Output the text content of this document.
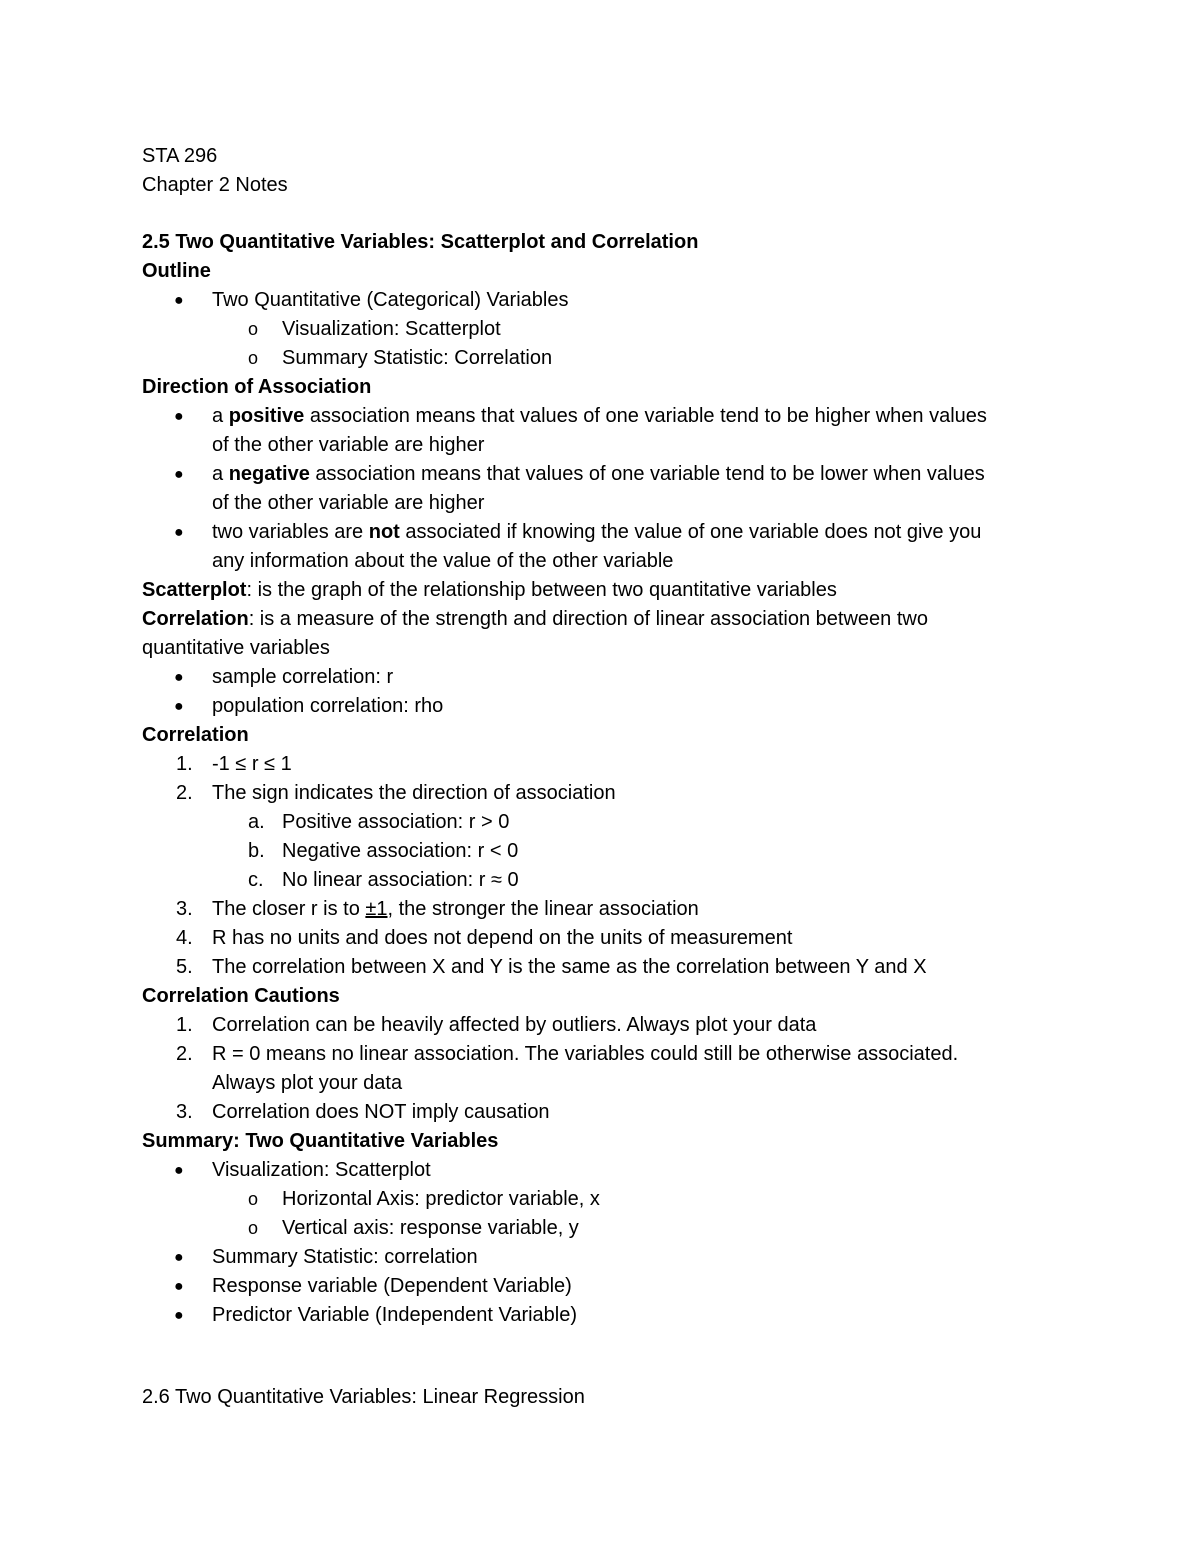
STA 296
Chapter 2 Notes
2.5 Two Quantitative Variables: Scatterplot and Correlation
Outline
● Two Quantitative (Categorical) Variables
o Visualization: Scatterplot
o Summary Statistic: Correlation
Direction of Association
● a positive association means that values of one variable tend to be higher when values
of the other variable are higher
● a negative association means that values of one variable tend to be lower when values
of the other variable are higher
● two variables are not associated if knowing the value of one variable does not give you
any information about the value of the other variable
Scatterplot: is the graph of the relationship between two quantitative variables
Correlation: is a measure of the strength and direction of linear association between two
quantitative variables
● sample correlation: r
● population correlation: rho
Correlation
1. -1 ≤ r ≤ 1
2. The sign indicates the direction of association
a. Positive association: r > 0
b. Negative association: r < 0
c. No linear association: r ≈ 0
3. The closer r is to ±1, the stronger the linear association
4. R has no units and does not depend on the units of measurement
5. The correlation between X and Y is the same as the correlation between Y and X
Correlation Cautions
1. Correlation can be heavily affected by outliers. Always plot your data
2. R = 0 means no linear association. The variables could still be otherwise associated.
Always plot your data
3. Correlation does NOT imply causation
Summary: Two Quantitative Variables
● Visualization: Scatterplot
o Horizontal Axis: predictor variable, x
o Vertical axis: response variable, y
● Summary Statistic: correlation
● Response variable (Dependent Variable)
● Predictor Variable (Independent Variable)
2.6 Two Quantitative Variables: Linear Regression
